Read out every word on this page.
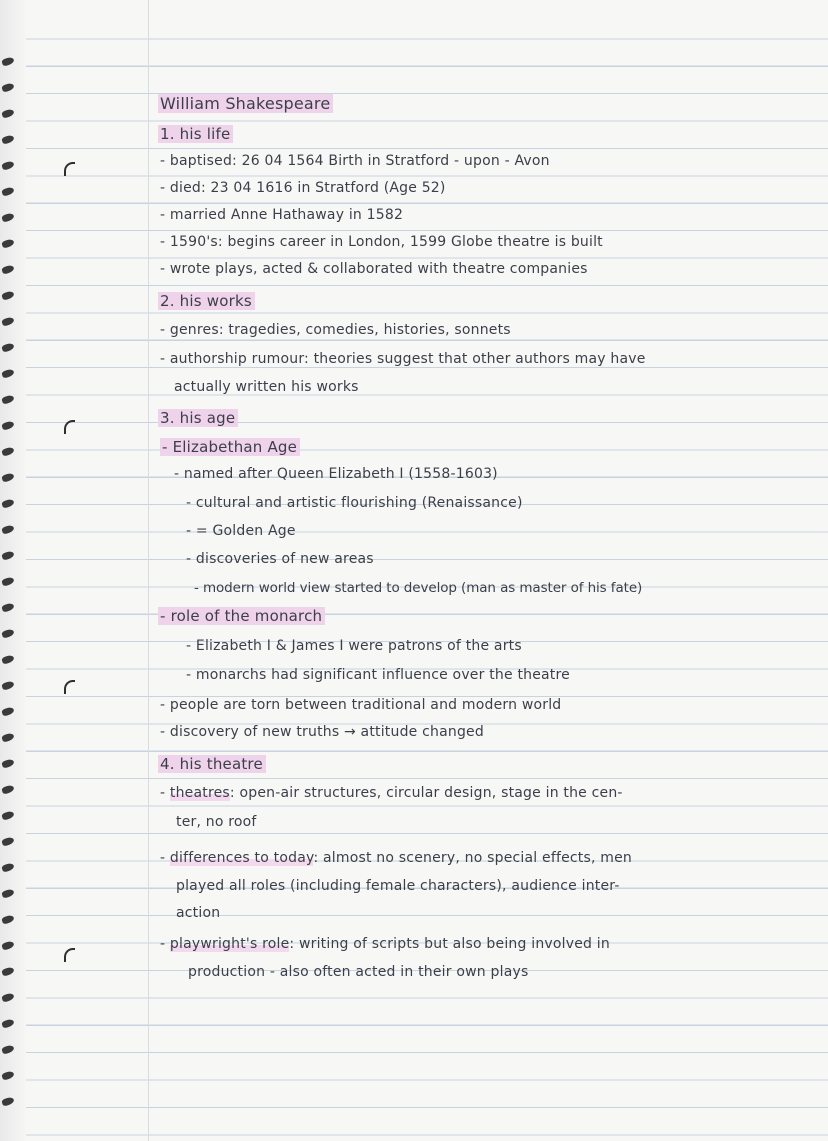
William Shakespeare
1. his life
- baptised: 26 04 1564 Birth in Stratford - upon - Avon
- died: 23 04 1616 in Stratford (Age 52)
- married Anne Hathaway in 1582
- 1590's: begins career in London, 1599 Globe theatre is built
- wrote plays, acted & collaborated with theatre companies
2. his works
- genres: tragedies, comedies, histories, sonnets
- authorship rumour: theories suggest that other authors may have
actually written his works
3. his age
- Elizabethan Age
- named after Queen Elizabeth I (1558-1603)
- cultural and artistic flourishing (Renaissance)
- = Golden Age
- discoveries of new areas
- modern world view started to develop (man as master of his fate)
- role of the monarch
- Elizabeth I & James I were patrons of the arts
- monarchs had significant influence over the theatre
- people are torn between traditional and modern world
- discovery of new truths → attitude changed
4. his theatre
- theatres: open-air structures, circular design, stage in the cen-
ter, no roof
- differences to today: almost no scenery, no special effects, men
played all roles (including female characters), audience inter-
action
- playwright's role: writing of scripts but also being involved in
production - also often acted in their own plays
